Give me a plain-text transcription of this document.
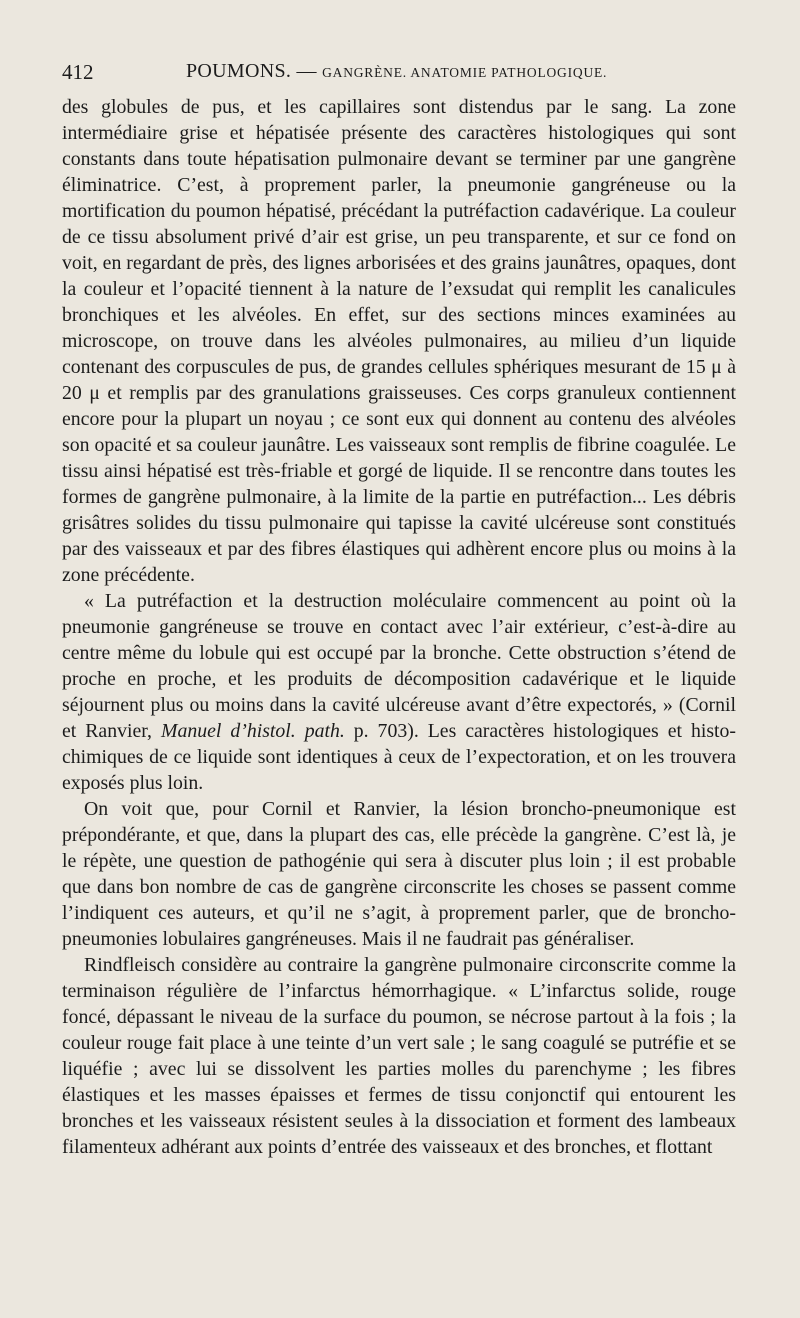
412	POUMONS. — GANGRÈNE. ANATOMIE PATHOLOGIQUE.

des globules de pus, et les capillaires sont distendus par le sang. La zone intermédiaire grise et hépatisée présente des caractères histologiques qui sont constants dans toute hépatisation pulmonaire devant se terminer par une gangrène éliminatrice. C’est, à proprement parler, la pneumonie gangréneuse ou la mortification du poumon hépatisé, précédant la putréfaction cadavérique. La couleur de ce tissu absolument privé d’air est grise, un peu transparente, et sur ce fond on voit, en regardant de près, des lignes arborisées et des grains jaunâtres, opaques, dont la couleur et l’opacité tiennent à la nature de l’exsudat qui remplit les canalicules bronchiques et les alvéoles. En effet, sur des sections minces examinées au microscope, on trouve dans les alvéoles pulmonaires, au milieu d’un liquide contenant des corpuscules de pus, de grandes cellules sphériques mesurant de 15 μ à 20 μ et remplis par des granulations graisseuses. Ces corps granuleux contiennent encore pour la plupart un noyau ; ce sont eux qui donnent au contenu des alvéoles son opacité et sa couleur jaunâtre. Les vaisseaux sont remplis de fibrine coagulée. Le tissu ainsi hépatisé est très-friable et gorgé de liquide. Il se rencontre dans toutes les formes de gangrène pulmonaire, à la limite de la partie en putréfaction... Les débris grisâtres solides du tissu pulmonaire qui tapisse la cavité ulcéreuse sont constitués par des vaisseaux et par des fibres élastiques qui adhèrent encore plus ou moins à la zone précédente.

« La putréfaction et la destruction moléculaire commencent au point où la pneumonie gangréneuse se trouve en contact avec l’air extérieur, c’est-à-dire au centre même du lobule qui est occupé par la bronche. Cette obstruction s’étend de proche en proche, et les produits de décomposition cadavérique et le liquide séjournent plus ou moins dans la cavité ulcéreuse avant d’être expectorés, » (Cornil et Ranvier, Manuel d’histol. path. p. 703). Les caractères histologiques et histo-chimiques de ce liquide sont identiques à ceux de l’expectoration, et on les trouvera exposés plus loin.

On voit que, pour Cornil et Ranvier, la lésion broncho-pneumonique est prépondérante, et que, dans la plupart des cas, elle précède la gangrène. C’est là, je le répète, une question de pathogénie qui sera à discuter plus loin ; il est probable que dans bon nombre de cas de gangrène circonscrite les choses se passent comme l’indiquent ces auteurs, et qu’il ne s’agit, à proprement parler, que de broncho-pneumonies lobulaires gangréneuses. Mais il ne faudrait pas généraliser.

Rindfleisch considère au contraire la gangrène pulmonaire circonscrite comme la terminaison régulière de l’infarctus hémorrhagique. « L’infarctus solide, rouge foncé, dépassant le niveau de la surface du poumon, se nécrose partout à la fois ; la couleur rouge fait place à une teinte d’un vert sale ; le sang coagulé se putréfie et se liquéfie ; avec lui se dissolvent les parties molles du parenchyme ; les fibres élastiques et les masses épaisses et fermes de tissu conjonctif qui entourent les bronches et les vaisseaux résistent seules à la dissociation et forment des lambeaux filamenteux adhérant aux points d’entrée des vaisseaux et des bronches, et flottant
